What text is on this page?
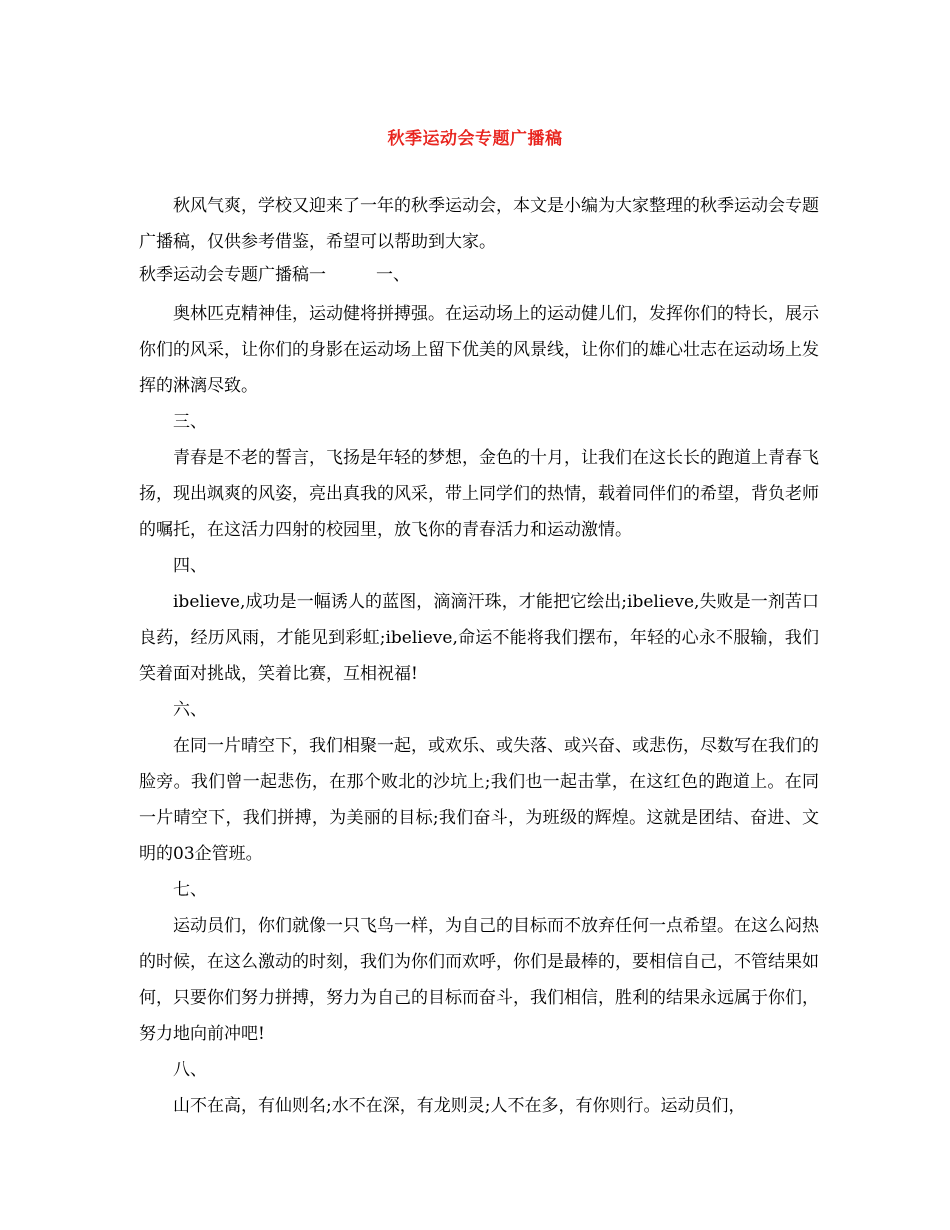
秋季运动会专题广播稿

秋风气爽，学校又迎来了一年的秋季运动会，本文是小编为大家整理的秋季运动会专题广播稿，仅供参考借鉴，希望可以帮助到大家。

秋季运动会专题广播稿一	一、

奥林匹克精神佳，运动健将拼搏强。在运动场上的运动健儿们，发挥你们的特长，展示你们的风采，让你们的身影在运动场上留下优美的风景线，让你们的雄心壮志在运动场上发挥的淋漓尽致。

三、

青春是不老的誓言，飞扬是年轻的梦想，金色的十月，让我们在这长长的跑道上青春飞扬，现出飒爽的风姿，亮出真我的风采，带上同学们的热情，载着同伴们的希望，背负老师的嘱托，在这活力四射的校园里，放飞你的青春活力和运动激情。

四、

ibelieve,成功是一幅诱人的蓝图，滴滴汗珠，才能把它绘出;ibelieve,失败是一剂苦口良药，经历风雨，才能见到彩虹;ibelieve,命运不能将我们摆布，年轻的心永不服输，我们笑着面对挑战，笑着比赛，互相祝福!

六、

在同一片晴空下，我们相聚一起，或欢乐、或失落、或兴奋、或悲伤，尽数写在我们的脸旁。我们曾一起悲伤，在那个败北的沙坑上;我们也一起击掌，在这红色的跑道上。在同一片晴空下，我们拼搏，为美丽的目标;我们奋斗，为班级的辉煌。这就是团结、奋进、文明的03企管班。

七、

运动员们，你们就像一只飞鸟一样，为自己的目标而不放弃任何一点希望。在这么闷热的时候，在这么激动的时刻，我们为你们而欢呼，你们是最棒的，要相信自己，不管结果如何，只要你们努力拼搏，努力为自己的目标而奋斗，我们相信，胜利的结果永远属于你们，努力地向前冲吧!

八、

山不在高，有仙则名;水不在深，有龙则灵;人不在多，有你则行。运动员们，
